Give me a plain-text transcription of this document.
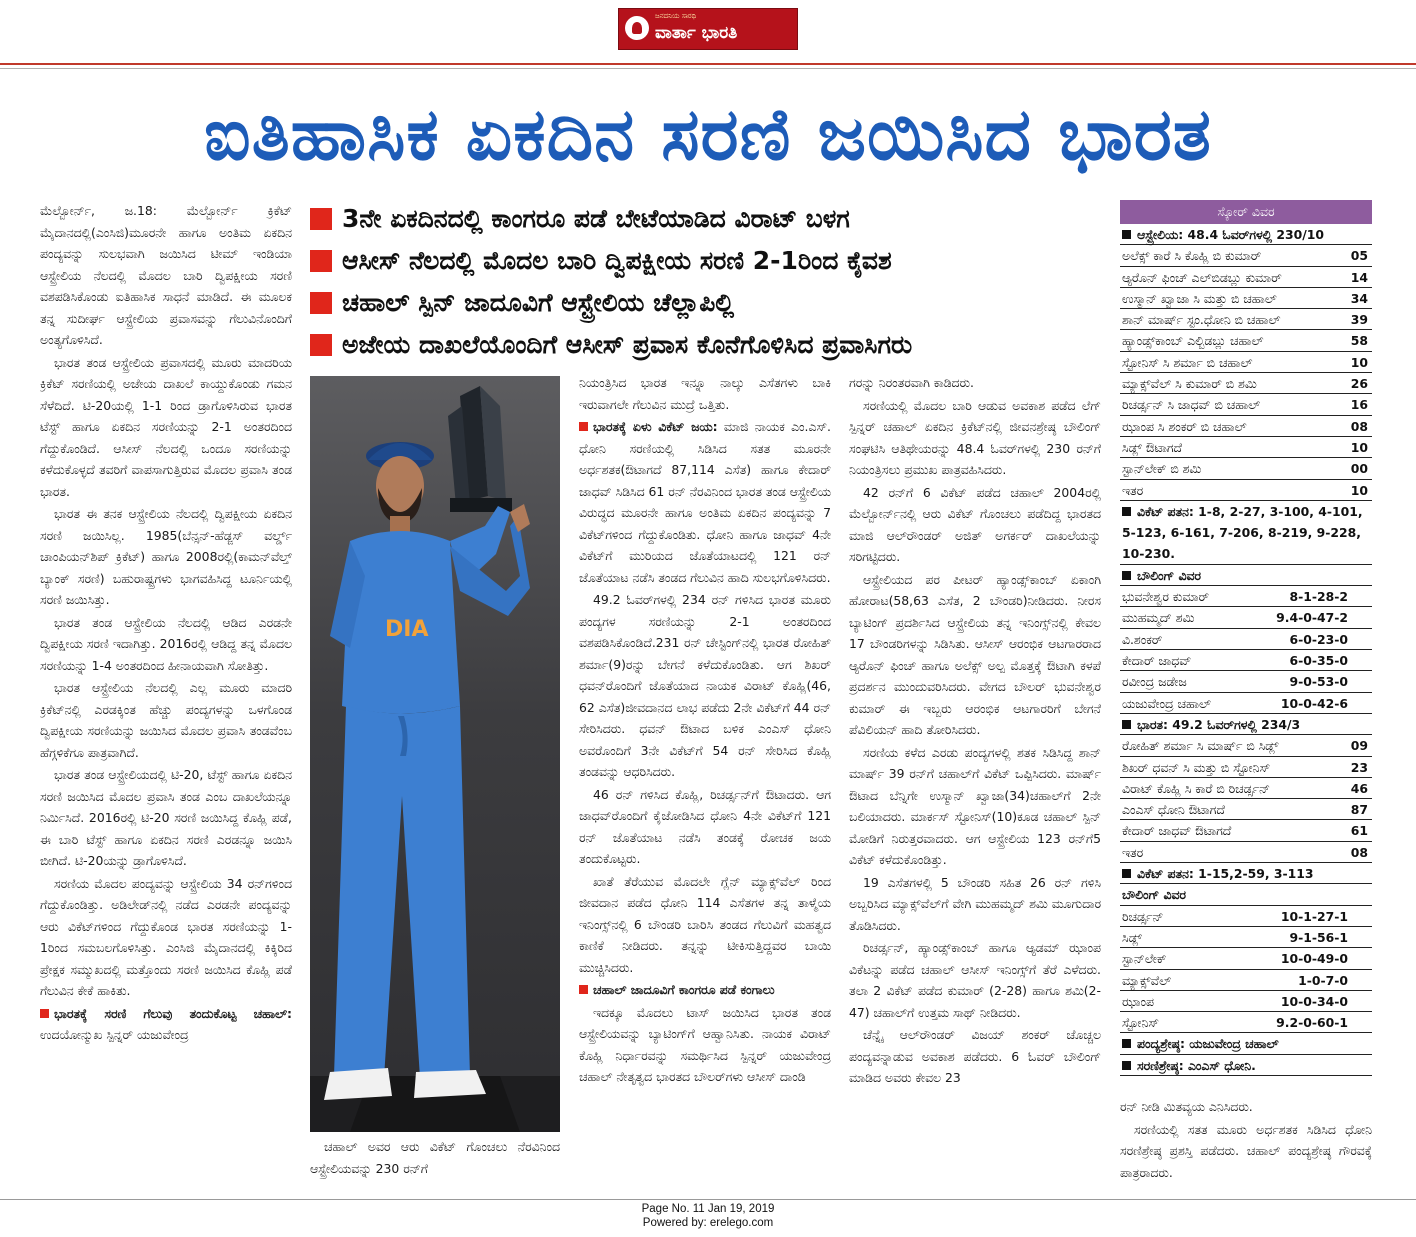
ಜನದನಿಯ ಸಾರಥಿ
ವಾರ್ತಾ ಭಾರತಿ
ಐತಿಹಾಸಿಕ ಏಕದಿನ ಸರಣಿ ಜಯಿಸಿದ ಭಾರತ

ಮೆಲ್ಬೋರ್ನ್, ಜ.18: ಮೆಲ್ಬೋರ್ನ್ ಕ್ರಿಕೆಟ್ ಮೈದಾನದಲ್ಲಿ(ಎಂಸಿಜಿ)ಮೂರನೇ ಹಾಗೂ ಅಂತಿಮ ಏಕದಿನ ಪಂದ್ಯವನ್ನು ಸುಲಭವಾಗಿ ಜಯಿಸಿದ ಟೀಮ್ ಇಂಡಿಯಾ ಆಸ್ಟ್ರೇಲಿಯ ನೆಲದಲ್ಲಿ ಮೊದಲ ಬಾರಿ ದ್ವಿಪಕ್ಷೀಯ ಸರಣಿ ವಶಪಡಿಸಿಕೊಂಡು ಐತಿಹಾಸಿಕ ಸಾಧನೆ ಮಾಡಿದೆ. ಈ ಮೂಲಕ ತನ್ನ ಸುದೀರ್ಘ ಆಸ್ಟ್ರೇಲಿಯ ಪ್ರವಾಸವನ್ನು ಗೆಲುವಿನೊಂದಿಗೆ ಅಂತ್ಯಗೊಳಿಸಿದೆ.

ಭಾರತ ತಂಡ ಆಸ್ಟ್ರೇಲಿಯ ಪ್ರವಾಸದಲ್ಲಿ ಮೂರು ಮಾದರಿಯ ಕ್ರಿಕೆಟ್ ಸರಣಿಯಲ್ಲಿ ಅಜೇಯ ದಾಖಲೆ ಕಾಯ್ದುಕೊಂಡು ಗಮನ ಸೆಳೆದಿದೆ. ಟಿ-20ಯಲ್ಲಿ 1-1 ರಿಂದ ಡ್ರಾಗೊಳಿಸಿರುವ ಭಾರತ ಟೆಸ್ಟ್ ಹಾಗೂ ಏಕದಿನ ಸರಣಿಯನ್ನು 2-1 ಅಂತರದಿಂದ ಗೆದ್ದುಕೊಂಡಿದೆ. ಆಸೀಸ್ ನೆಲದಲ್ಲಿ ಒಂದೂ ಸರಣಿಯನ್ನು ಕಳೆದುಕೊಳ್ಳದೆ ತವರಿಗೆ ವಾಪಸಾಗುತ್ತಿರುವ ಮೊದಲ ಪ್ರವಾಸಿ ತಂಡ ಭಾರತ.

ಭಾರತ ಈ ತನಕ ಆಸ್ಟ್ರೇಲಿಯ ನೆಲದಲ್ಲಿ ದ್ವಿಪಕ್ಷೀಯ ಏಕದಿನ ಸರಣಿ ಜಯಿಸಿಲ್ಲ. 1985(ಬೆನ್ಸನ್-ಹೆಡ್ಜಸ್ ವರ್ಲ್ಡ್ ಚಾಂಪಿಯನ್‌ಶಿಪ್ ಕ್ರಿಕೆಟ್) ಹಾಗೂ 2008ರಲ್ಲಿ(ಕಾಮನ್‌ವೆಲ್ತ್ ಬ್ಯಾಂಕ್ ಸರಣಿ) ಬಹುರಾಷ್ಟ್ರಗಳು ಭಾಗವಹಿಸಿದ್ದ ಟೂರ್ನಿಯಲ್ಲಿ ಸರಣಿ ಜಯಿಸಿತ್ತು.

ಭಾರತ ತಂಡ ಆಸ್ಟ್ರೇಲಿಯ ನೆಲದಲ್ಲಿ ಆಡಿದ ಎರಡನೇ ದ್ವಿಪಕ್ಷೀಯ ಸರಣಿ ಇದಾಗಿತ್ತು. 2016ರಲ್ಲಿ ಆಡಿದ್ದ ತನ್ನ ಮೊದಲ ಸರಣಿಯನ್ನು 1-4 ಅಂತರದಿಂದ ಹೀನಾಯವಾಗಿ ಸೋತಿತ್ತು.

ಭಾರತ ಆಸ್ಟ್ರೇಲಿಯ ನೆಲದಲ್ಲಿ ಎಲ್ಲ ಮೂರು ಮಾದರಿ ಕ್ರಿಕೆಟ್‌ನಲ್ಲಿ ಎರಡಕ್ಕಿಂತ ಹೆಚ್ಚು ಪಂದ್ಯಗಳನ್ನು ಒಳಗೊಂಡ ದ್ವಿಪಕ್ಷೀಯ ಸರಣಿಯನ್ನು ಜಯಿಸಿದ ಮೊದಲ ಪ್ರವಾಸಿ ತಂಡವೆಂಬ ಹೆಗ್ಗಳಿಕೆಗೂ ಪಾತ್ರವಾಗಿದೆ.

ಭಾರತ ತಂಡ ಆಸ್ಟ್ರೇಲಿಯದಲ್ಲಿ ಟಿ-20, ಟೆಸ್ಟ್ ಹಾಗೂ ಏಕದಿನ ಸರಣಿ ಜಯಿಸಿದ ಮೊದಲ ಪ್ರವಾಸಿ ತಂಡ ಎಂಬ ದಾಖಲೆಯನ್ನೂ ನಿರ್ಮಿಸಿದೆ. 2016ರಲ್ಲಿ ಟಿ-20 ಸರಣಿ ಜಯಿಸಿದ್ದ ಕೊಹ್ಲಿ ಪಡೆ, ಈ ಬಾರಿ ಟೆಸ್ಟ್ ಹಾಗೂ ಏಕದಿನ ಸರಣಿ ಎರಡನ್ನೂ ಜಯಿಸಿ ಬೀಗಿದೆ. ಟಿ-20ಯನ್ನು ಡ್ರಾಗೊಳಿಸಿದೆ.

ಸರಣಿಯ ಮೊದಲ ಪಂದ್ಯವನ್ನು ಆಸ್ಟ್ರೇಲಿಯ 34 ರನ್‌ಗಳಿಂದ ಗೆದ್ದುಕೊಂಡಿತ್ತು. ಅಡಿಲೇಡ್‌ನಲ್ಲಿ ನಡೆದ ಎರಡನೇ ಪಂದ್ಯವನ್ನು ಆರು ವಿಕೆಟ್‌ಗಳಿಂದ ಗೆದ್ದುಕೊಂಡ ಭಾರತ ಸರಣಿಯನ್ನು 1-1ರಿಂದ ಸಮಬಲಗೊಳಿಸಿತ್ತು. ಎಂಸಿಜಿ ಮೈದಾನದಲ್ಲಿ ಕಿಕ್ಕಿರಿದ ಪ್ರೇಕ್ಷಕ ಸಮ್ಮುಖದಲ್ಲಿ ಮತ್ತೊಂದು ಸರಣಿ ಜಯಿಸಿದ ಕೊಹ್ಲಿ ಪಡೆ ಗೆಲುವಿನ ಕೇಕೆ ಹಾಕಿತು.

ಭಾರತಕ್ಕೆ ಸರಣಿ ಗೆಲುವು ತಂದುಕೊಟ್ಟ ಚಹಾಲ್: ಉದಯೋನ್ಮುಖ ಸ್ಪಿನ್ನರ್ ಯಜುವೇಂದ್ರ

3ನೇ ಏಕದಿನದಲ್ಲಿ ಕಾಂಗರೂ ಪಡೆ ಬೇಟೆಯಾಡಿದ ವಿರಾಟ್ ಬಳಗ
ಆಸೀಸ್ ನೆಲದಲ್ಲಿ ಮೊದಲ ಬಾರಿ ದ್ವಿಪಕ್ಷೀಯ ಸರಣಿ 2-1ರಿಂದ ಕೈವಶ
ಚಹಾಲ್ ಸ್ಪಿನ್ ಜಾದೂವಿಗೆ ಆಸ್ಟ್ರೇಲಿಯ ಚೆಲ್ಲಾಪಿಲ್ಲಿ
ಅಜೇಯ ದಾಖಲೆಯೊಂದಿಗೆ ಆಸೀಸ್ ಪ್ರವಾಸ ಕೊನೆಗೊಳಿಸಿದ ಪ್ರವಾಸಿಗರು
DIA

ಚಹಾಲ್ ಅವರ ಆರು ವಿಕೆಟ್ ಗೊಂಚಲು ನೆರವಿನಿಂದ ಆಸ್ಟ್ರೇಲಿಯವನ್ನು 230 ರನ್‌ಗೆ

ನಿಯಂತ್ರಿಸಿದ ಭಾರತ ಇನ್ನೂ ನಾಲ್ಕು ಎಸೆತಗಳು ಬಾಕಿ ಇರುವಾಗಲೇ ಗೆಲುವಿನ ಮುದ್ರೆ ಒತ್ತಿತು.

ಭಾರತಕ್ಕೆ ಏಳು ವಿಕೆಟ್ ಜಯ: ಮಾಜಿ ನಾಯಕ ಎಂ.ಎಸ್. ಧೋನಿ ಸರಣಿಯಲ್ಲಿ ಸಿಡಿಸಿದ ಸತತ ಮೂರನೇ ಅರ್ಧಶತಕ(ಔಟಾಗದೆ 87,114 ಎಸೆತ) ಹಾಗೂ ಕೇದಾರ್ ಜಾಧವ್ ಸಿಡಿಸಿದ 61 ರನ್ ನೆರವಿನಿಂದ ಭಾರತ ತಂಡ ಆಸ್ಟ್ರೇಲಿಯ ವಿರುದ್ಧದ ಮೂರನೇ ಹಾಗೂ ಅಂತಿಮ ಏಕದಿನ ಪಂದ್ಯವನ್ನು 7 ವಿಕೆಟ್‌ಗಳಿಂದ ಗೆದ್ದುಕೊಂಡಿತು. ಧೋನಿ ಹಾಗೂ ಜಾಧವ್ 4ನೇ ವಿಕೆಟ್‌ಗೆ ಮುರಿಯದ ಜೊತೆಯಾಟದಲ್ಲಿ 121 ರನ್ ಜೊತೆಯಾಟ ನಡೆಸಿ ತಂಡದ ಗೆಲುವಿನ ಹಾದಿ ಸುಲಭಗೊಳಿಸಿದರು.

49.2 ಓವರ್‌ಗಳಲ್ಲಿ 234 ರನ್ ಗಳಿಸಿದ ಭಾರತ ಮೂರು ಪಂದ್ಯಗಳ ಸರಣಿಯನ್ನು 2-1 ಅಂತರದಿಂದ ವಶಪಡಿಸಿಕೊಂಡಿದೆ.231 ರನ್ ಚೇಸ್ಟಿಂಗ್‌ನಲ್ಲಿ ಭಾರತ ರೋಹಿತ್ ಶರ್ಮಾ(9)ರನ್ನು ಬೇಗನೆ ಕಳೆದುಕೊಂಡಿತು. ಆಗ ಶಿಖರ್ ಧವನ್‌ರೊಂದಿಗೆ ಜೊತೆಯಾದ ನಾಯಕ ವಿರಾಟ್ ಕೊಹ್ಲಿ(46, 62 ಎಸೆತ)ಜೀವದಾನದ ಲಾಭ ಪಡೆದು 2ನೇ ವಿಕೆಟ್‌ಗೆ 44 ರನ್ ಸೇರಿಸಿದರು. ಧವನ್ ಔಟಾದ ಬಳಿಕ ಎಂಎಸ್ ಧೋನಿ ಅವರೊಂದಿಗೆ 3ನೇ ವಿಕೆಟ್‌ಗೆ 54 ರನ್ ಸೇರಿಸಿದ ಕೊಹ್ಲಿ ತಂಡವನ್ನು ಆಧರಿಸಿದರು.

46 ರನ್ ಗಳಿಸಿದ ಕೊಹ್ಲಿ, ರಿಚರ್ಡ್ಸನ್‌ಗೆ ಔಟಾದರು. ಆಗ ಜಾಧವ್‌ರೊಂದಿಗೆ ಕೈಜೋಡಿಸಿದ ಧೋನಿ 4ನೇ ವಿಕೆಟ್‌ಗೆ 121 ರನ್ ಜೊತೆಯಾಟ ನಡೆಸಿ ತಂಡಕ್ಕೆ ರೋಚಕ ಜಯ ತಂದುಕೊಟ್ಟರು.

ಖಾತೆ ತೆರೆಯುವ ಮೊದಲೇ ಗ್ಲೆನ್ ಮ್ಯಾಕ್ಸ್‌ವೆಲ್ ರಿಂದ ಜೀವದಾನ ಪಡೆದ ಧೋನಿ 114 ಎಸೆತಗಳ ತನ್ನ ತಾಳ್ಮೆಯ ಇನಿಂಗ್ಸ್‌ನಲ್ಲಿ 6 ಬೌಂಡರಿ ಬಾರಿಸಿ ತಂಡದ ಗೆಲುವಿಗೆ ಮಹತ್ವದ ಕಾಣಿಕೆ ನೀಡಿದರು. ತನ್ನನ್ನು ಟೀಕಿಸುತ್ತಿದ್ದವರ ಬಾಯಿ ಮುಚ್ಚಿಸಿದರು.

ಚಹಾಲ್ ಜಾದೂವಿಗೆ ಕಾಂಗರೂ ಪಡೆ ಕಂಗಾಲು

ಇದಕ್ಕೂ ಮೊದಲು ಟಾಸ್ ಜಯಿಸಿದ ಭಾರತ ತಂಡ ಆಸ್ಟ್ರೇಲಿಯವನ್ನು ಬ್ಯಾಟಿಂಗ್‌ಗೆ ಆಹ್ವಾನಿಸಿತು. ನಾಯಕ ವಿರಾಟ್ ಕೊಹ್ಲಿ ನಿರ್ಧಾರವನ್ನು ಸಮರ್ಥಿಸಿದ ಸ್ಪಿನ್ನರ್ ಯಜುವೇಂದ್ರ ಚಹಾಲ್ ನೇತೃತ್ವದ ಭಾರತದ ಬೌಲರ್‌ಗಳು ಆಸೀಸ್ ದಾಂಡಿ

ಗರನ್ನು ನಿರಂತರವಾಗಿ ಕಾಡಿದರು.

ಸರಣಿಯಲ್ಲಿ ಮೊದಲ ಬಾರಿ ಆಡುವ ಅವಕಾಶ ಪಡೆದ ಲೆಗ್ ಸ್ಪಿನ್ನರ್ ಚಹಾಲ್ ಏಕದಿನ ಕ್ರಿಕೆಟ್‌ನಲ್ಲಿ ಜೀವನಶ್ರೇಷ್ಠ ಬೌಲಿಂಗ್ ಸಂಘಟಿಸಿ ಆತಿಥೇಯರನ್ನು 48.4 ಓವರ್‌ಗಳಲ್ಲಿ 230 ರನ್‌ಗೆ ನಿಯಂತ್ರಿಸಲು ಪ್ರಮುಖ ಪಾತ್ರವಹಿಸಿದರು.

42 ರನ್‌ಗೆ 6 ವಿಕೆಟ್ ಪಡೆದ ಚಹಾಲ್ 2004ರಲ್ಲಿ ಮೆಲ್ಬೋರ್ನ್‌ನಲ್ಲಿ ಆರು ವಿಕೆಟ್ ಗೊಂಚಲು ಪಡೆದಿದ್ದ ಭಾರತದ ಮಾಜಿ ಆಲ್‌ರೌಂಡರ್ ಅಜಿತ್ ಅಗರ್ಕರ್ ದಾಖಲೆಯನ್ನು ಸರಿಗಟ್ಟಿದರು.

ಆಸ್ಟ್ರೇಲಿಯದ ಪರ ಪೀಟರ್ ಹ್ಯಾಂಡ್ಸ್‌ಕಾಂಬ್ ಏಕಾಂಗಿ ಹೋರಾಟ(58,63 ಎಸೆತ, 2 ಬೌಂಡರಿ)ನೀಡಿದರು. ನೀರಸ ಬ್ಯಾಟಿಂಗ್ ಪ್ರದರ್ಶಿಸಿದ ಆಸ್ಟ್ರೇಲಿಯ ತನ್ನ ಇನಿಂಗ್ಸ್‌ನಲ್ಲಿ ಕೇವಲ 17 ಬೌಂಡರಿಗಳನ್ನು ಸಿಡಿಸಿತು. ಆಸೀಸ್ ಆರಂಭಿಕ ಆಟಗಾರರಾದ ಆ್ಯರೊನ್ ಫಿಂಚ್ ಹಾಗೂ ಅಲೆಕ್ಸ್ ಅಲ್ಪ ಮೊತ್ತಕ್ಕೆ ಔಟಾಗಿ ಕಳಪೆ ಪ್ರದರ್ಶನ ಮುಂದುವರಿಸಿದರು. ವೇಗದ ಬೌಲರ್ ಭುವನೇಶ್ವರ ಕುಮಾರ್ ಈ ಇಬ್ಬರು ಆರಂಭಿಕ ಆಟಗಾರರಿಗೆ ಬೇಗನೆ ಪೆವಿಲಿಯನ್ ಹಾದಿ ತೋರಿಸಿದರು.

ಸರಣಿಯ ಕಳೆದ ಎರಡು ಪಂದ್ಯಗಳಲ್ಲಿ ಶತಕ ಸಿಡಿಸಿದ್ದ ಶಾನ್ ಮಾರ್ಷ್ 39 ರನ್‌ಗೆ ಚಹಾಲ್‌ಗೆ ವಿಕೆಟ್ ಒಪ್ಪಿಸಿದರು. ಮಾರ್ಷ್ ಔಟಾದ ಬೆನ್ನಿಗೇ ಉಸ್ಮಾನ್ ಖ್ವಾಜಾ(34)ಚಹಾಲ್‌ಗೆ 2ನೇ ಬಲಿಯಾದರು. ಮಾರ್ಕಸ್ ಸ್ಟೋನಿಸ್(10)ಕೂಡ ಚಹಾಲ್ ಸ್ಪಿನ್ ಮೋಡಿಗೆ ನಿರುತ್ತರವಾದರು. ಆಗ ಆಸ್ಟ್ರೇಲಿಯ 123 ರನ್‌ಗೆ5 ವಿಕೆಟ್ ಕಳೆದುಕೊಂಡಿತ್ತು.

19 ಎಸೆತಗಳಲ್ಲಿ 5 ಬೌಂಡರಿ ಸಹಿತ 26 ರನ್ ಗಳಿಸಿ ಅಬ್ಬರಿಸಿದ ಮ್ಯಾಕ್ಸ್‌ವೆಲ್‌ಗೆ ವೇಗಿ ಮುಹಮ್ಮದ್ ಶಮಿ ಮೂಗುದಾರ ತೊಡಿಸಿದರು.

ರಿಚರ್ಡ್ಸನ್, ಹ್ಯಾಂಡ್ಸ್‌ಕಾಂಬ್ ಹಾಗೂ ಆ್ಯಡಮ್ ಝಾಂಪ ವಿಕೆಟನ್ನು ಪಡೆದ ಚಹಾಲ್ ಆಸೀಸ್ ಇನಿಂಗ್ಸ್‌ಗೆ ತೆರೆ ಎಳೆದರು. ತಲಾ 2 ವಿಕೆಟ್ ಪಡೆದ ಕುಮಾರ್ (2-28) ಹಾಗೂ ಶಮಿ(2-47) ಚಹಾಲ್‌ಗೆ ಉತ್ತಮ ಸಾಥ್ ನೀಡಿದರು.

ಚೆನ್ನೈ ಆಲ್‌ರೌಂಡರ್ ವಿಜಯ್ ಶಂಕರ್ ಚೊಚ್ಚಲ ಪಂದ್ಯವನ್ನಾಡುವ ಅವಕಾಶ ಪಡೆದರು. 6 ಓವರ್ ಬೌಲಿಂಗ್ ಮಾಡಿದ ಅವರು ಕೇವಲ 23

ಸ್ಕೋರ್ ವಿವರ
ಆಸ್ಟ್ರೇಲಿಯ: 48.4 ಓವರ್‌ಗಳಲ್ಲಿ 230/10
ಅಲೆಕ್ಸ್ ಕಾರೆ ಸಿ ಕೊಹ್ಲಿ ಬಿ ಕುಮಾರ್	05
ಆ್ಯರೊನ್ ಫಿಂಚ್ ಎಲ್‌ಬಿಡಬ್ಲು ಕುಮಾರ್	14
ಉಸ್ಮಾನ್ ಖ್ವಾಜಾ ಸಿ ಮತ್ತು ಬಿ ಚಹಾಲ್	34
ಶಾನ್ ಮಾರ್ಷ್ ಸ್ಟಂ.ಧೋನಿ ಬಿ ಚಹಾಲ್	39
ಹ್ಯಾಂಡ್ಸ್‌ಕಾಂಬ್ ಎಲ್ಬಿಡಬ್ಲು ಚಹಾಲ್	58
ಸ್ಟೋನಿಸ್ ಸಿ ಶರ್ಮಾ ಬಿ ಚಹಾಲ್	10
ಮ್ಯಾಕ್ಸ್‌ವೆಲ್ ಸಿ ಕುಮಾರ್ ಬಿ ಶಮಿ	26
ರಿಚರ್ಡ್ಸನ್ ಸಿ ಜಾಧವ್ ಬಿ ಚಹಾಲ್	16
ಝಾಂಪ ಸಿ ಶಂಕರ್ ಬಿ ಚಹಾಲ್	08
ಸಿಡ್ಲ್ ಔಟಾಗದೆ	10
ಸ್ಟಾನ್‌ಲೇಕ್ ಬಿ ಶಮಿ	00
ಇತರ	10
ವಿಕೆಟ್ ಪತನ: 1-8, 2-27, 3-100, 4-101, 5-123, 6-161, 7-206, 8-219, 9-228, 10-230.
ಬೌಲಿಂಗ್ ವಿವರ
ಭುವನೇಶ್ವರ ಕುಮಾರ್	8-1-28-2
ಮುಹಮ್ಮದ್ ಶಮಿ	9.4-0-47-2
ವಿ.ಶಂಕರ್	6-0-23-0
ಕೇದಾರ್ ಜಾಧವ್	6-0-35-0
ರವೀಂದ್ರ ಜಡೇಜ	9-0-53-0
ಯಜುವೇಂದ್ರ ಚಹಾಲ್	10-0-42-6
ಭಾರತ: 49.2 ಓವರ್‌ಗಳಲ್ಲಿ 234/3
ರೋಹಿತ್ ಶರ್ಮಾ ಸಿ ಮಾರ್ಷ್ ಬಿ ಸಿಡ್ಲ್	09
ಶಿಖರ್ ಧವನ್ ಸಿ ಮತ್ತು ಬಿ ಸ್ಟೋನಿಸ್	23
ವಿರಾಟ್ ಕೊಹ್ಲಿ ಸಿ ಕಾರೆ ಬಿ ರಿಚರ್ಡ್ಸನ್	46
ಎಂಎಸ್ ಧೋನಿ ಔಟಾಗದೆ	87
ಕೇದಾರ್ ಜಾಧವ್ ಔಟಾಗದೆ	61
ಇತರ	08
ವಿಕೆಟ್ ಪತನ: 1-15,2-59, 3-113
ಬೌಲಿಂಗ್ ವಿವರ
ರಿಚರ್ಡ್ಸನ್	10-1-27-1
ಸಿಡ್ಲ್	9-1-56-1
ಸ್ಟಾನ್‌ಲೇಕ್	10-0-49-0
ಮ್ಯಾಕ್ಸ್‌ವೆಲ್	1-0-7-0
ಝಾಂಪ	10-0-34-0
ಸ್ಟೋನಿಸ್	9.2-0-60-1
ಪಂದ್ಯಶ್ರೇಷ್ಠ: ಯಜುವೇಂದ್ರ ಚಹಾಲ್
ಸರಣಿಶ್ರೇಷ್ಠ: ಎಂಎಸ್ ಧೋನಿ.

ರನ್ ನೀಡಿ ಮಿತವ್ಯಯ ಎನಿಸಿದರು.

ಸರಣಿಯಲ್ಲಿ ಸತತ ಮೂರು ಅರ್ಧಶತಕ ಸಿಡಿಸಿದ ಧೋನಿ ಸರಣಿಶ್ರೇಷ್ಠ ಪ್ರಶಸ್ತಿ ಪಡೆದರು. ಚಹಾಲ್ ಪಂದ್ಯಶ್ರೇಷ್ಠ ಗೌರವಕ್ಕೆ ಪಾತ್ರರಾದರು.

Page No. 11 Jan 19, 2019
Powered by: erelego.com
